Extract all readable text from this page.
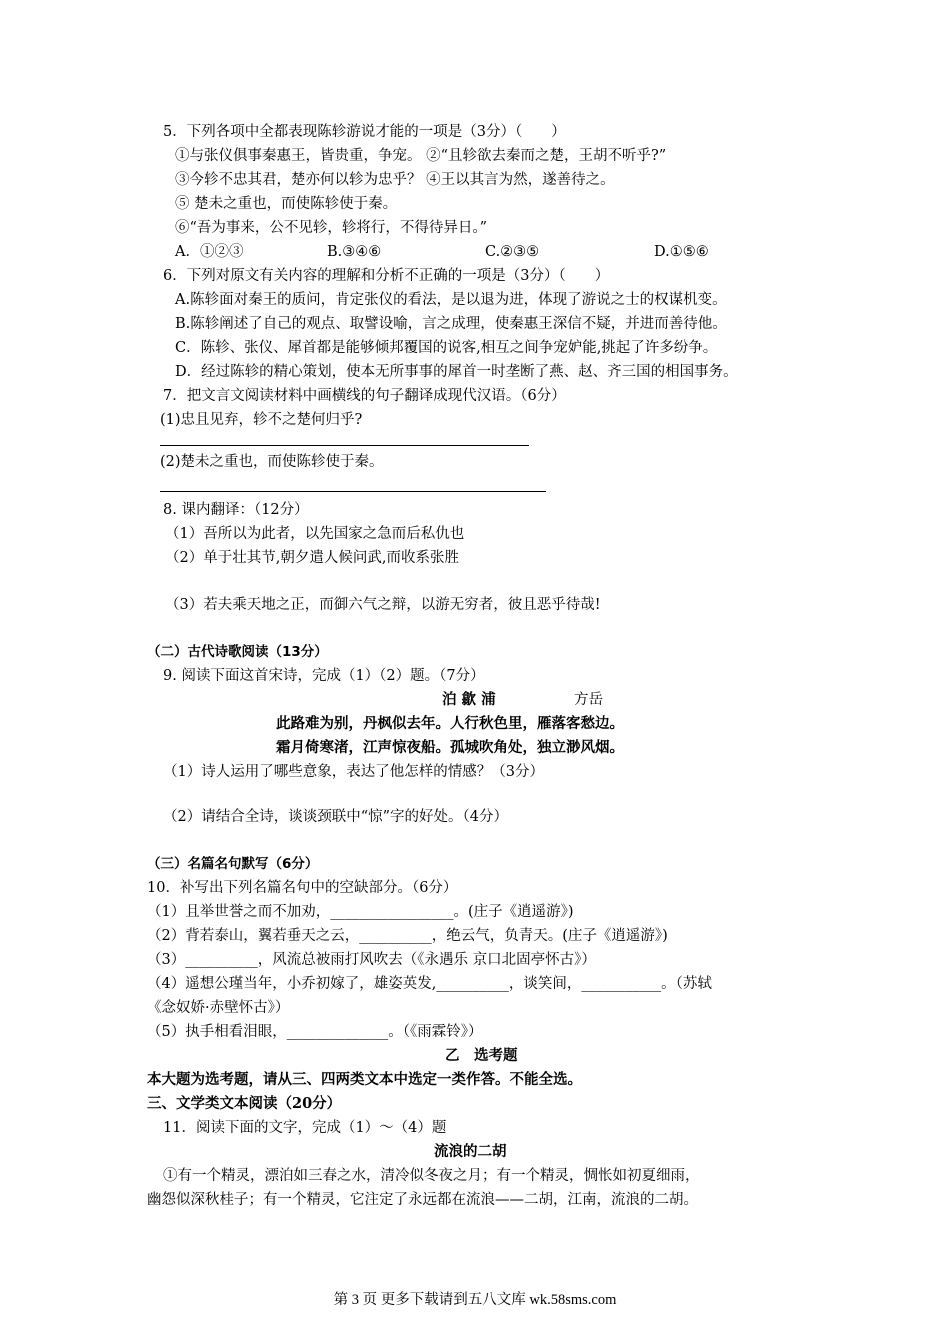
5．下列各项中全都表现陈轸游说才能的一项是（3分）（　　）
①与张仪俱事秦惠王，皆贵重，争宠。 ②“且轸欲去秦而之楚，王胡不听乎?”
③今轸不忠其君，楚亦何以轸为忠乎？ ④王以其言为然，遂善待之。
⑤ 楚未之重也，而使陈轸使于秦。
⑥“吾为事来，公不见轸，轸将行，不得待异日。”
A．①②③	B.③④⑥	C.②③⑤	D.①⑤⑥
6．下列对原文有关内容的理解和分析不正确的一项是（3分）（　　）
A.陈轸面对秦王的质问，肯定张仪的看法，是以退为进，体现了游说之士的权谋机变。
B.陈轸阐述了自己的观点、取譬设喻，言之成理，使秦惠王深信不疑，并进而善待他。
C．陈轸、张仪、犀首都是能够倾邦覆国的说客,相互之间争宠妒能,挑起了许多纷争。
D．经过陈轸的精心策划，使本无所事事的犀首一时垄断了燕、赵、齐三国的相国事务。
7．把文言文阅读材料中画横线的句子翻译成现代汉语。（6分）
(1)忠且见弃，轸不之楚何归乎?
(2)楚未之重也，而使陈轸使于秦。
8. 课内翻译：（12分）
（1）吾所以为此者，以先国家之急而后私仇也
（2）单于壮其节,朝夕遣人候问武,而收系张胜
（3）若夫乘天地之正，而御六气之辩，以游无穷者，彼且恶乎待哉!
（二）古代诗歌阅读（13分）
9. 阅读下面这首宋诗，完成（1）（2）题。（7分）
泊 歙 浦	方岳
此路难为别，丹枫似去年。人行秋色里，雁落客愁边。
霜月倚寒渚，江声惊夜船。孤城吹角处，独立渺风烟。
（1）诗人运用了哪些意象，表达了他怎样的情感？（3分）
（2）请结合全诗，谈谈颈联中“惊”字的好处。（4分）
（三）名篇名句默写（6分）
10．补写出下列名篇名句中的空缺部分。（6分）
（1）且举世誉之而不加劝，_________________。(庄子《逍遥游》)
（2）背若泰山，翼若垂天之云，__________，绝云气，负青天。(庄子《逍遥游》)
（3）__________，风流总被雨打风吹去（《永遇乐 京口北固亭怀古》）
（4）遥想公瑾当年，小乔初嫁了，雄姿英发,__________，谈笑间，___________。（苏轼
《念奴娇·赤壁怀古》）
（5）执手相看泪眼，______________。（《雨霖铃》）
乙　选考题
本大题为选考题，请从三、四两类文本中选定一类作答。不能全选。
三、文学类文本阅读（20分）
11．阅读下面的文字，完成（1）～（4）题
流浪的二胡
①有一个精灵，漂泊如三春之水，清冷似冬夜之月；有一个精灵，惆怅如初夏细雨，
幽怨似深秋桂子；有一个精灵，它注定了永远都在流浪——二胡，江南，流浪的二胡。
第 3 页 更多下载请到五八文库 wk.58sms.com
